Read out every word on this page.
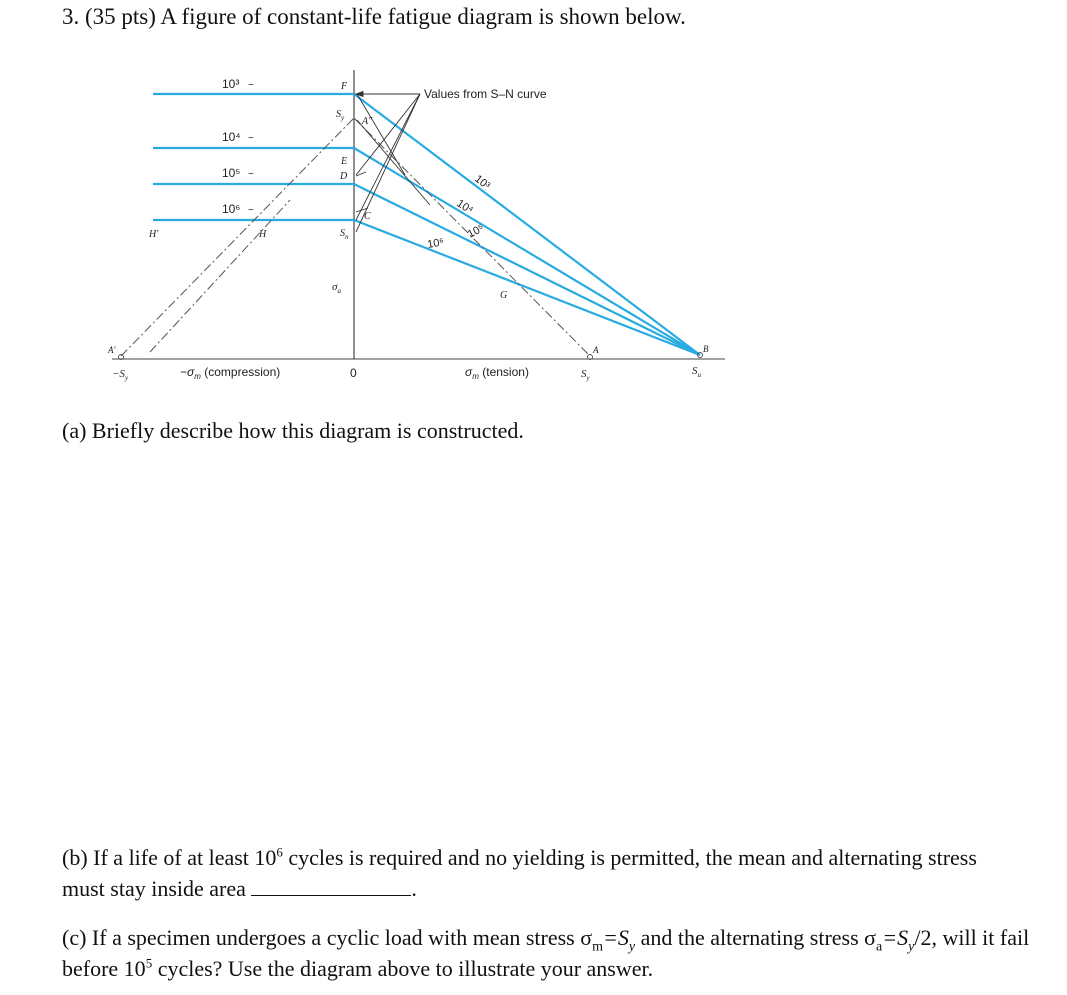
3. (35 pts) A figure of constant-life fatigue diagram is shown below.
10³
10⁴
10⁵
10⁶
~
~
~
~
Values from S–N curve
10³
10⁴
10⁵
10⁶
F
$S_y$ A"
E
D
C
$S_n$
H
H'
$\sigma_a$	G
A
A'	B
$-S_y$	$-\sigma_m$ (compression)	0	$\sigma_m$ (tension)	$S_y$
$S_u$
(a) Briefly describe how this diagram is constructed.
(b) If a life of at least $10^6$ cycles is required and no yielding is permitted, the mean and alternating stress must stay inside area	.
(c) If a specimen undergoes a cyclic load with mean stress $\sigma_m=S_y$ and the alternating stress $\sigma_a=S_y/2$, will it fail before $10^5$ cycles? Use the diagram above to illustrate your answer.
